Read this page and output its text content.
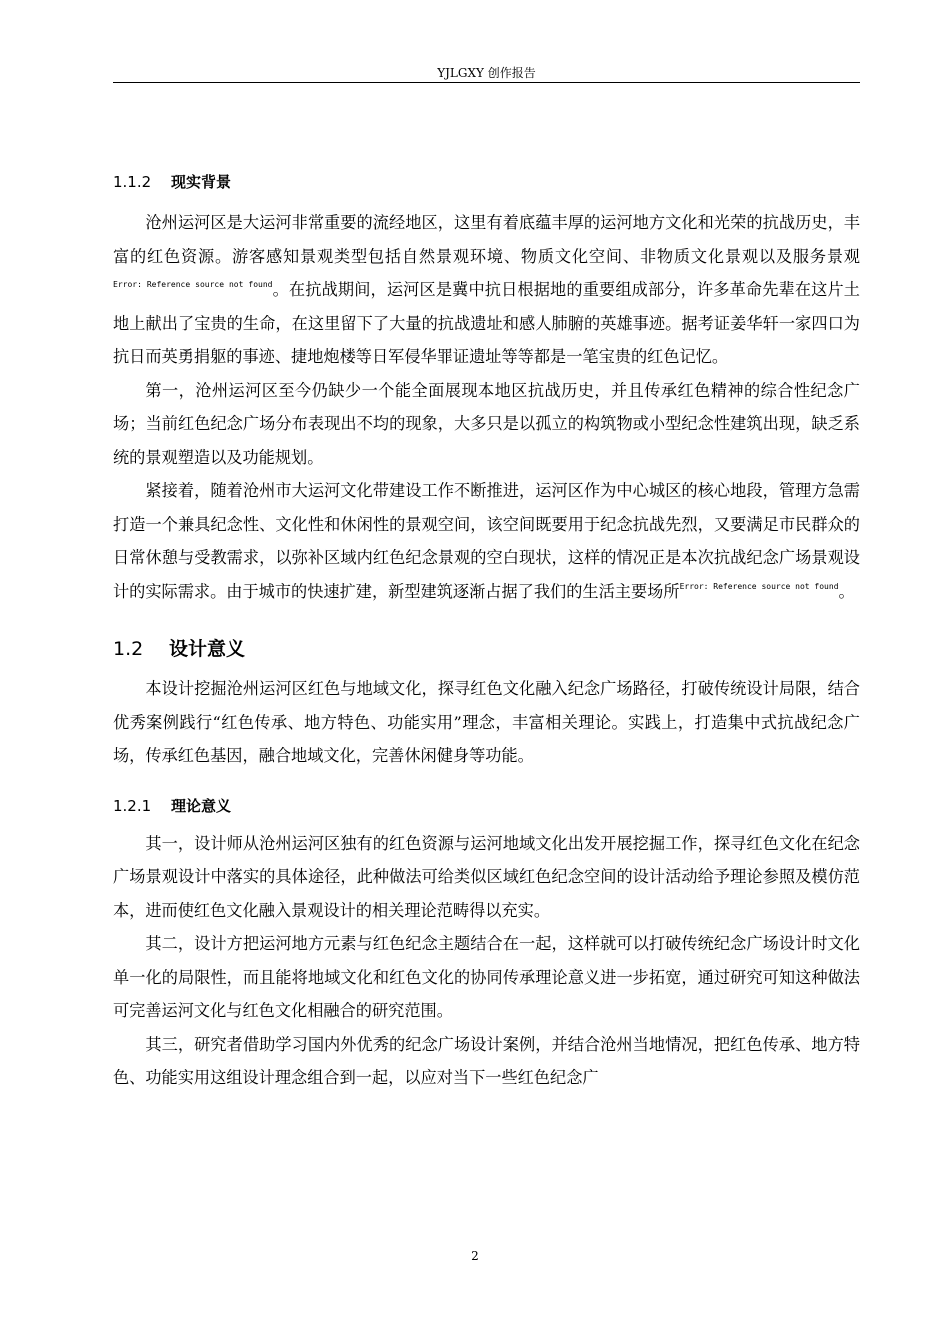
YJLGXY 创作报告
1.1.2 现实背景

沧州运河区是大运河非常重要的流经地区，这里有着底蕴丰厚的运河地方文化和光荣的抗战历史，丰富的红色资源。游客感知景观类型包括自然景观环境、物质文化空间、非物质文化景观以及服务景观$^{Error: Reference source not found}$。在抗战期间，运河区是冀中抗日根据地的重要组成部分，许多革命先辈在这片土地上献出了宝贵的生命，在这里留下了大量的抗战遗址和感人肺腑的英雄事迹。据考证姜华轩一家四口为抗日而英勇捐躯的事迹、捷地炮楼等日军侵华罪证遗址等等都是一笔宝贵的红色记忆。

第一，沧州运河区至今仍缺少一个能全面展现本地区抗战历史，并且传承红色精神的综合性纪念广场；当前红色纪念广场分布表现出不均的现象，大多只是以孤立的构筑物或小型纪念性建筑出现，缺乏系统的景观塑造以及功能规划。

紧接着，随着沧州市大运河文化带建设工作不断推进，运河区作为中心城区的核心地段，管理方急需打造一个兼具纪念性、文化性和休闲性的景观空间，该空间既要用于纪念抗战先烈，又要满足市民群众的日常休憩与受教需求，以弥补区域内红色纪念景观的空白现状，这样的情况正是本次抗战纪念广场景观设计的实际需求。由于城市的快速扩建，新型建筑逐渐占据了我们的生活主要场所$^{Error: Reference source not found}$。

1.2 设计意义

本设计挖掘沧州运河区红色与地域文化，探寻红色文化融入纪念广场路径，打破传统设计局限，结合优秀案例践行“红色传承、地方特色、功能实用”理念，丰富相关理论。实践上，打造集中式抗战纪念广场，传承红色基因，融合地域文化，完善休闲健身等功能。

1.2.1 理论意义

其一，设计师从沧州运河区独有的红色资源与运河地域文化出发开展挖掘工作，探寻红色文化在纪念广场景观设计中落实的具体途径，此种做法可给类似区域红色纪念空间的设计活动给予理论参照及模仿范本，进而使红色文化融入景观设计的相关理论范畴得以充实。

其二，设计方把运河地方元素与红色纪念主题结合在一起，这样就可以打破传统纪念广场设计时文化单一化的局限性，而且能将地域文化和红色文化的协同传承理论意义进一步拓宽，通过研究可知这种做法可完善运河文化与红色文化相融合的研究范围。

其三，研究者借助学习国内外优秀的纪念广场设计案例，并结合沧州当地情况，把红色传承、地方特色、功能实用这组设计理念组合到一起，以应对当下一些红色纪念广

2
